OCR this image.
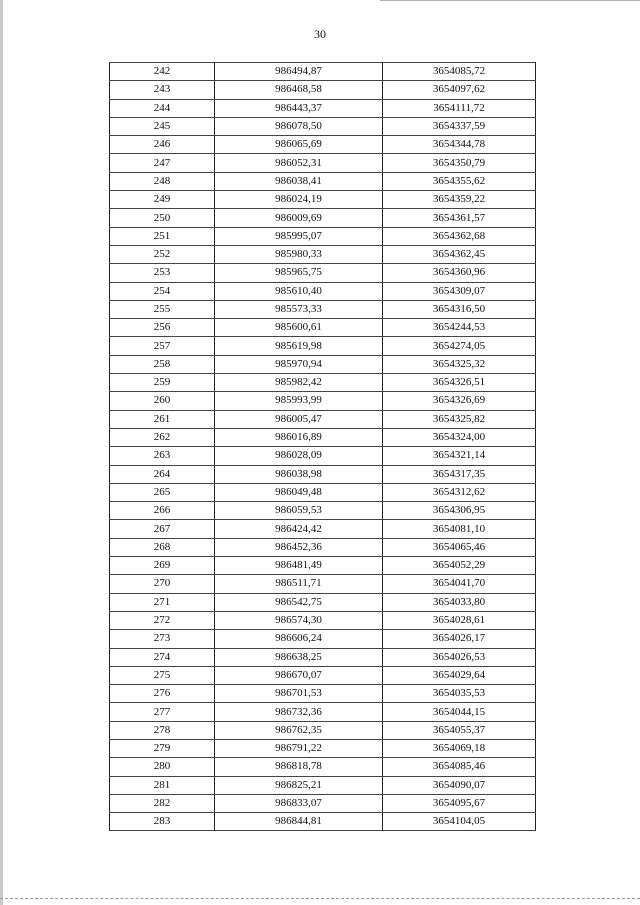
30
242	986494,87	3654085,72
243	986468,58	3654097,62
244	986443,37	3654111,72
245	986078,50	3654337,59
246	986065,69	3654344,78
247	986052,31	3654350,79
248	986038,41	3654355,62
249	986024,19	3654359,22
250	986009,69	3654361,57
251	985995,07	3654362,68
252	985980,33	3654362,45
253	985965,75	3654360,96
254	985610,40	3654309,07
255	985573,33	3654316,50
256	985600,61	3654244,53
257	985619,98	3654274,05
258	985970,94	3654325,32
259	985982,42	3654326,51
260	985993,99	3654326,69
261	986005,47	3654325,82
262	986016,89	3654324,00
263	986028,09	3654321,14
264	986038,98	3654317,35
265	986049,48	3654312,62
266	986059,53	3654306,95
267	986424,42	3654081,10
268	986452,36	3654065,46
269	986481,49	3654052,29
270	986511,71	3654041,70
271	986542,75	3654033,80
272	986574,30	3654028,61
273	986606,24	3654026,17
274	986638,25	3654026,53
275	986670,07	3654029,64
276	986701,53	3654035,53
277	986732,36	3654044,15
278	986762,35	3654055,37
279	986791,22	3654069,18
280	986818,78	3654085,46
281	986825,21	3654090,07
282	986833,07	3654095,67
283	986844,81	3654104,05
